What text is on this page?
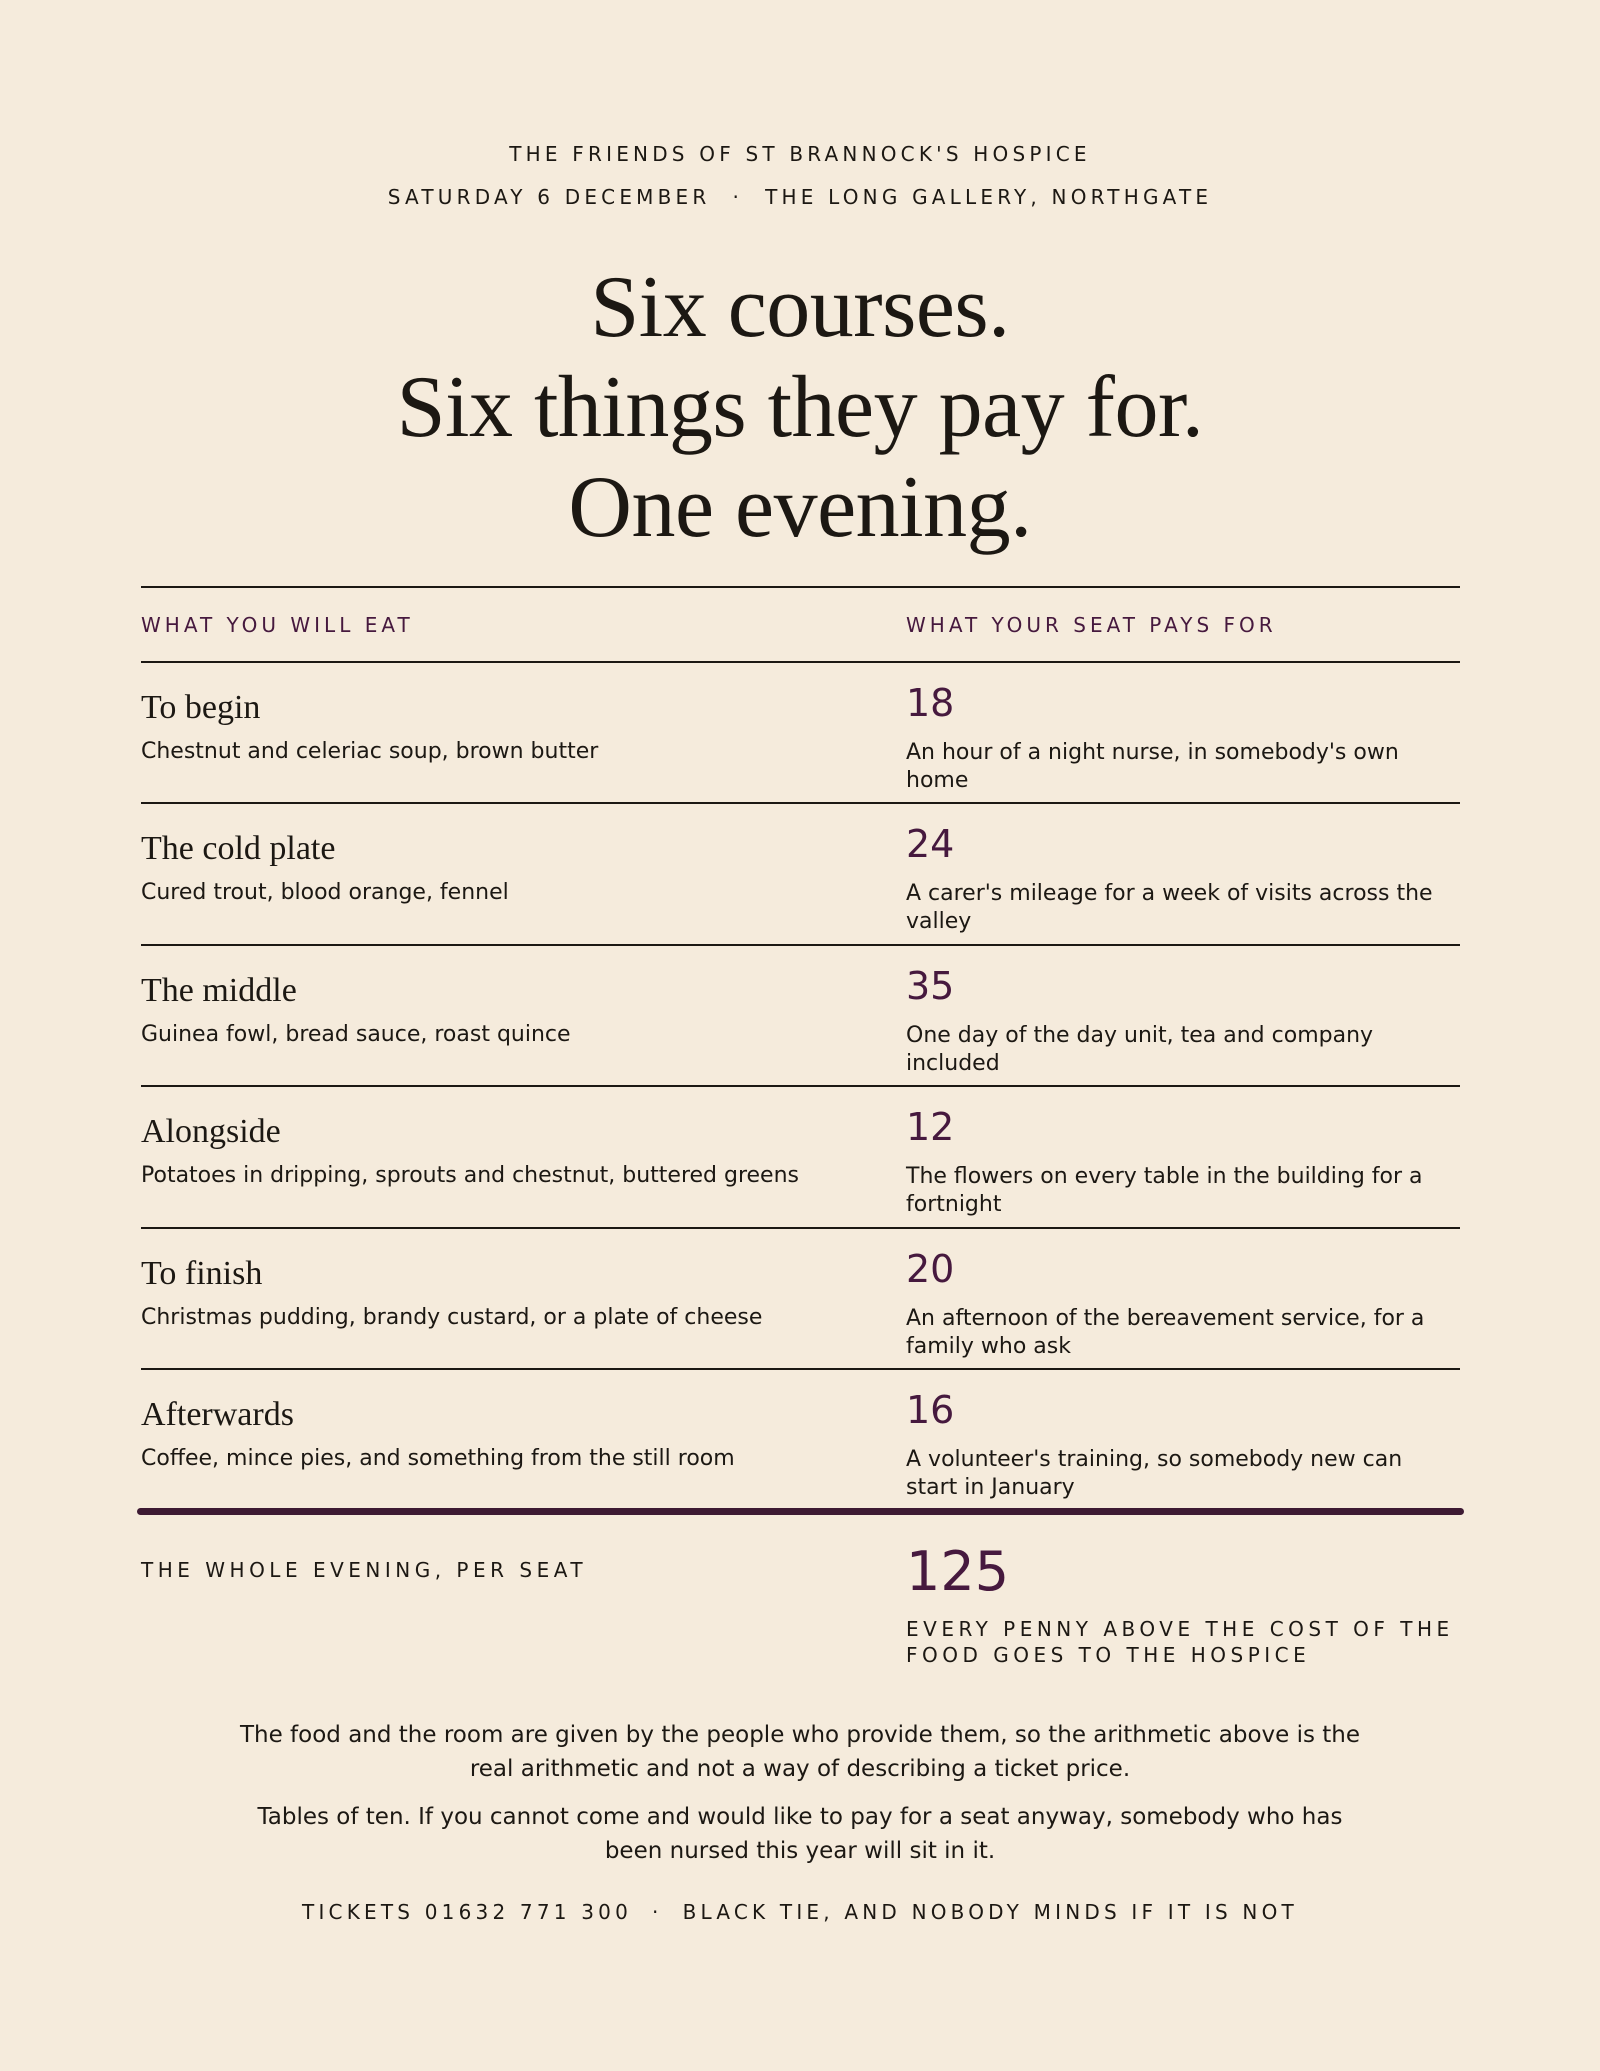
THE FRIENDS OF ST BRANNOCK'S HOSPICE
SATURDAY 6 DECEMBER · THE LONG GALLERY, NORTHGATE
Six courses.
Six things they pay for.
One evening.
WHAT YOU WILL EAT	WHAT YOUR SEAT PAYS FOR
To begin
Chestnut and celeriac soup, brown butter
18
An hour of a night nurse, in somebody's own home
The cold plate
Cured trout, blood orange, fennel
24
A carer's mileage for a week of visits across the valley
The middle
Guinea fowl, bread sauce, roast quince
35
One day of the day unit, tea and company included
Alongside
Potatoes in dripping, sprouts and chestnut, buttered greens
12
The flowers on every table in the building for a fortnight
To finish
Christmas pudding, brandy custard, or a plate of cheese
20
An afternoon of the bereavement service, for a family who ask
Afterwards
Coffee, mince pies, and something from the still room
16
A volunteer's training, so somebody new can start in January
THE WHOLE EVENING, PER SEAT	125
EVERY PENNY ABOVE THE COST OF THE FOOD GOES TO THE HOSPICE
The food and the room are given by the people who provide them, so the arithmetic above is the real arithmetic and not a way of describing a ticket price.
Tables of ten. If you cannot come and would like to pay for a seat anyway, somebody who has been nursed this year will sit in it.
TICKETS 01632 771 300 · BLACK TIE, AND NOBODY MINDS IF IT IS NOT
